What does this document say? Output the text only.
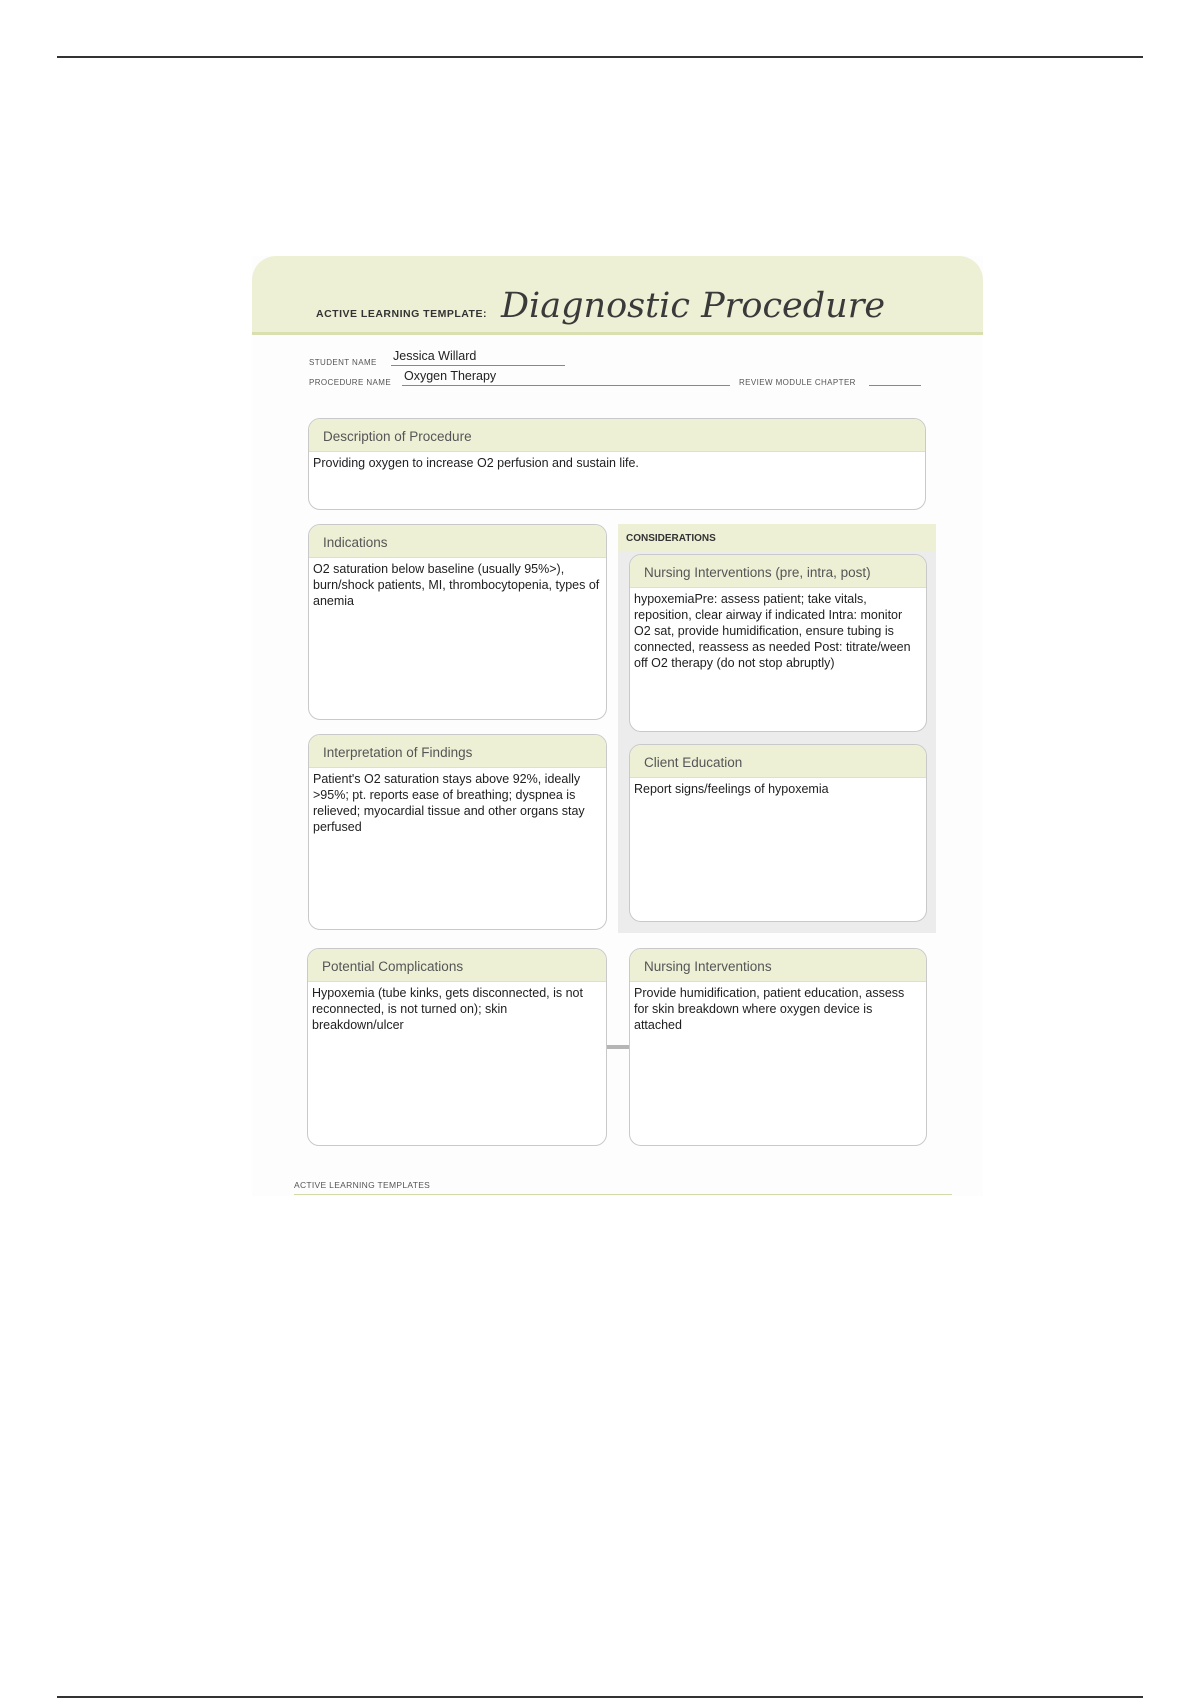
ACTIVE LEARNING TEMPLATE: Diagnostic Procedure
STUDENT NAME Jessica Willard
PROCEDURE NAME Oxygen Therapy	REVIEW MODULE CHAPTER
Description of Procedure
Providing oxygen to increase O2 perfusion and sustain life.
Indications
O2 saturation below baseline (usually 95%>), burn/shock patients, MI, thrombocytopenia, types of anemia
Interpretation of Findings
Patient's O2 saturation stays above 92%, ideally >95%; pt. reports ease of breathing; dyspnea is relieved; myocardial tissue and other organs stay perfused
Potential Complications
Hypoxemia (tube kinks, gets disconnected, is not reconnected, is not turned on); skin breakdown/ulcer
CONSIDERATIONS
Nursing Interventions (pre, intra, post)
hypoxemiaPre: assess patient; take vitals, reposition, clear airway if indicated Intra: monitor O2 sat, provide humidification, ensure tubing is connected, reassess as needed Post: titrate/ween off O2 therapy (do not stop abruptly)
Client Education
Report signs/feelings of hypoxemia
Nursing Interventions
Provide humidification, patient education, assess for skin breakdown where oxygen device is attached
ACTIVE LEARNING TEMPLATES
